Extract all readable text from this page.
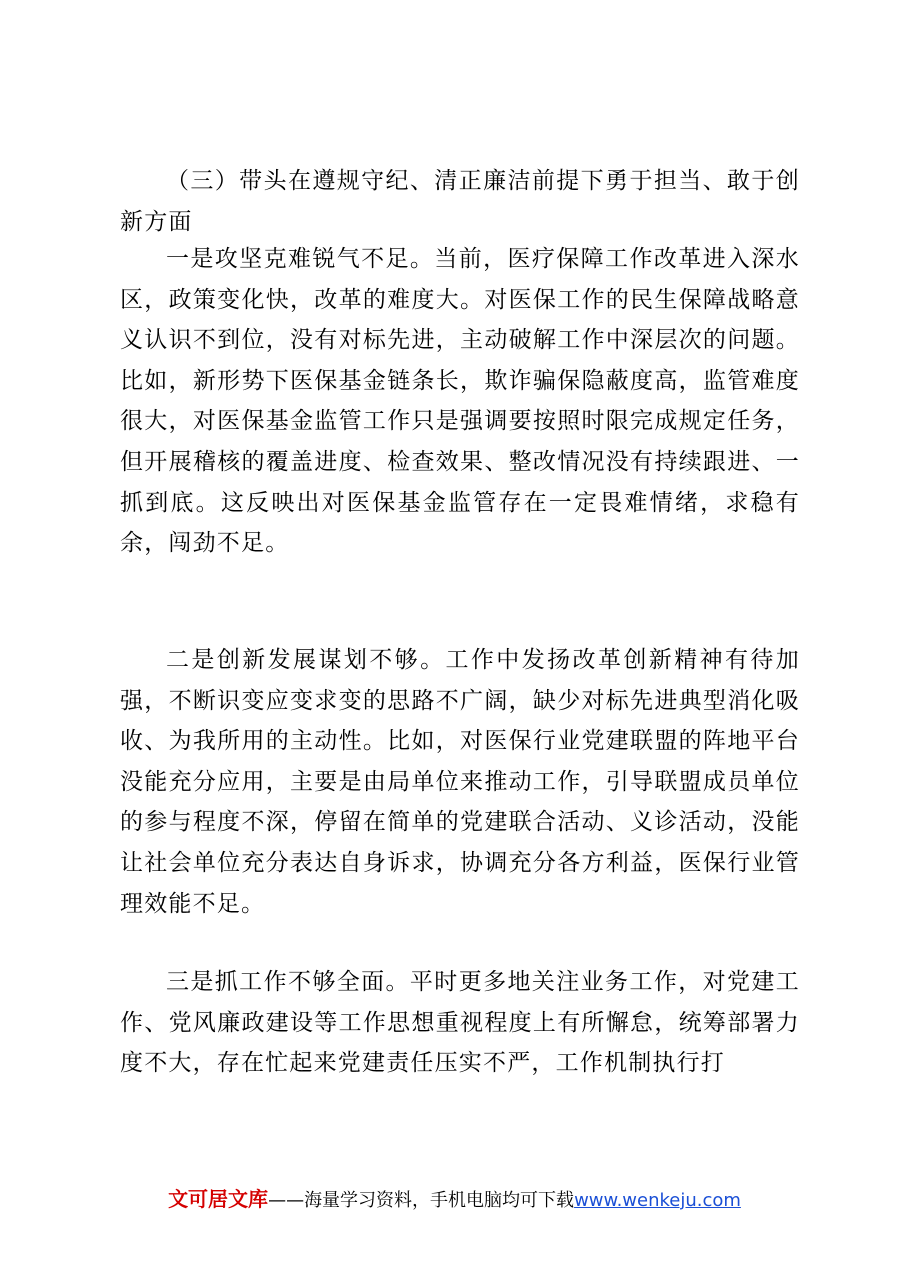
（三）带头在遵规守纪、清正廉洁前提下勇于担当、敢于创新方面

一是攻坚克难锐气不足。当前，医疗保障工作改革进入深水区，政策变化快，改革的难度大。对医保工作的民生保障战略意义认识不到位，没有对标先进，主动破解工作中深层次的问题。比如，新形势下医保基金链条长，欺诈骗保隐蔽度高，监管难度很大，对医保基金监管工作只是强调要按照时限完成规定任务，但开展稽核的覆盖进度、检查效果、整改情况没有持续跟进、一抓到底。这反映出对医保基金监管存在一定畏难情绪，求稳有余，闯劲不足。

二是创新发展谋划不够。工作中发扬改革创新精神有待加强，不断识变应变求变的思路不广阔，缺少对标先进典型消化吸收、为我所用的主动性。比如，对医保行业党建联盟的阵地平台没能充分应用，主要是由局单位来推动工作，引导联盟成员单位的参与程度不深，停留在简单的党建联合活动、义诊活动，没能让社会单位充分表达自身诉求，协调充分各方利益，医保行业管理效能不足。

三是抓工作不够全面。平时更多地关注业务工作，对党建工作、党风廉政建设等工作思想重视程度上有所懈怠，统筹部署力度不大，存在忙起来党建责任压实不严，工作机制执行打

文可居文库——海量学习资料，手机电脑均可下载www.wenkeju.com
